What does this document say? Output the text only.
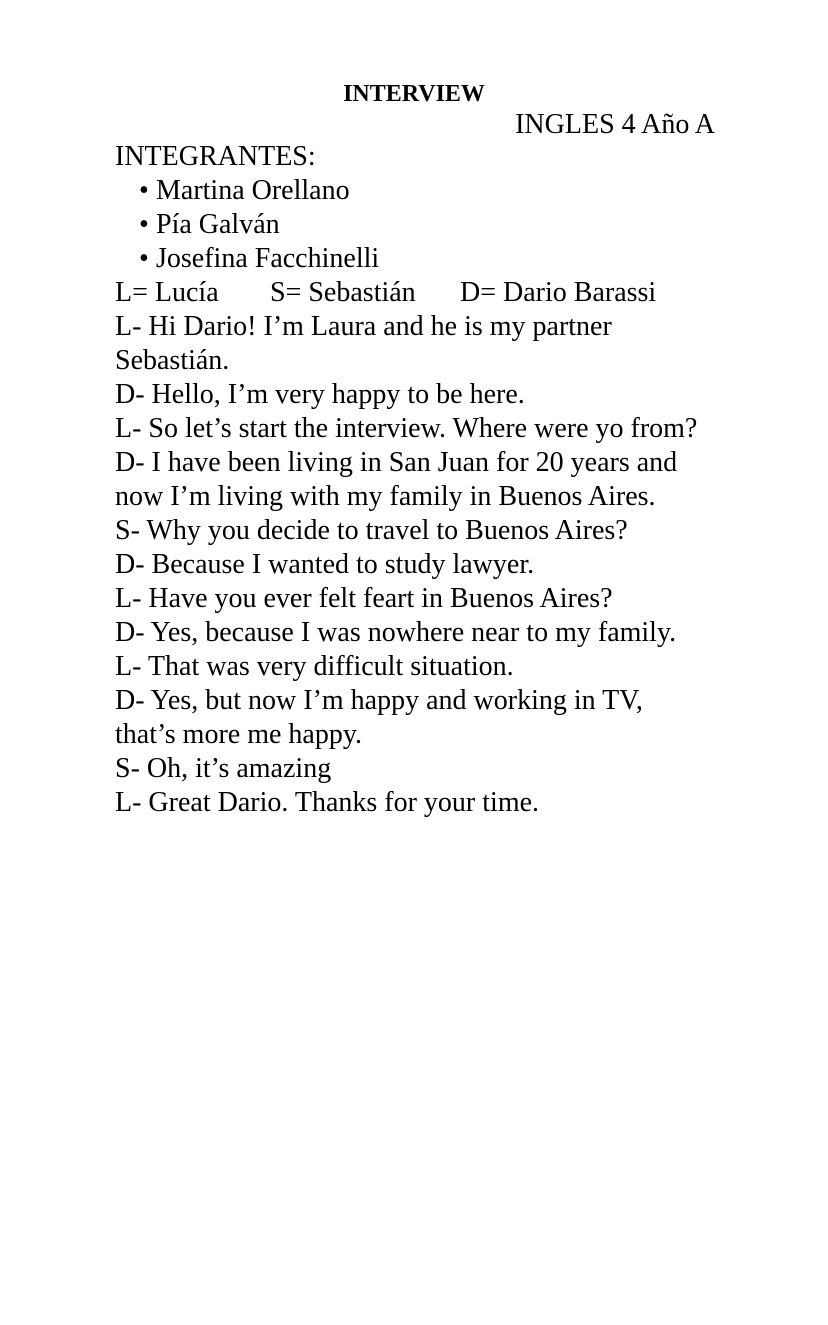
INTERVIEW
INGLES 4 Año A
INTEGRANTES:
• Martina Orellano
• Pía Galván
• Josefina Facchinelli
L= Lucía S= Sebastián D= Dario Barassi
L- Hi Dario! I’m Laura and he is my partner
Sebastián.
D- Hello, I’m very happy to be here.
L- So let’s start the interview. Where were yo from?
D- I have been living in San Juan for 20 years and
now I’m living with my family in Buenos Aires.
S- Why you decide to travel to Buenos Aires?
D- Because I wanted to study lawyer.
L- Have you ever felt feart in Buenos Aires?
D- Yes, because I was nowhere near to my family.
L- That was very difficult situation.
D- Yes, but now I’m happy and working in TV,
that’s more me happy.
S- Oh, it’s amazing
L- Great Dario. Thanks for your time.
